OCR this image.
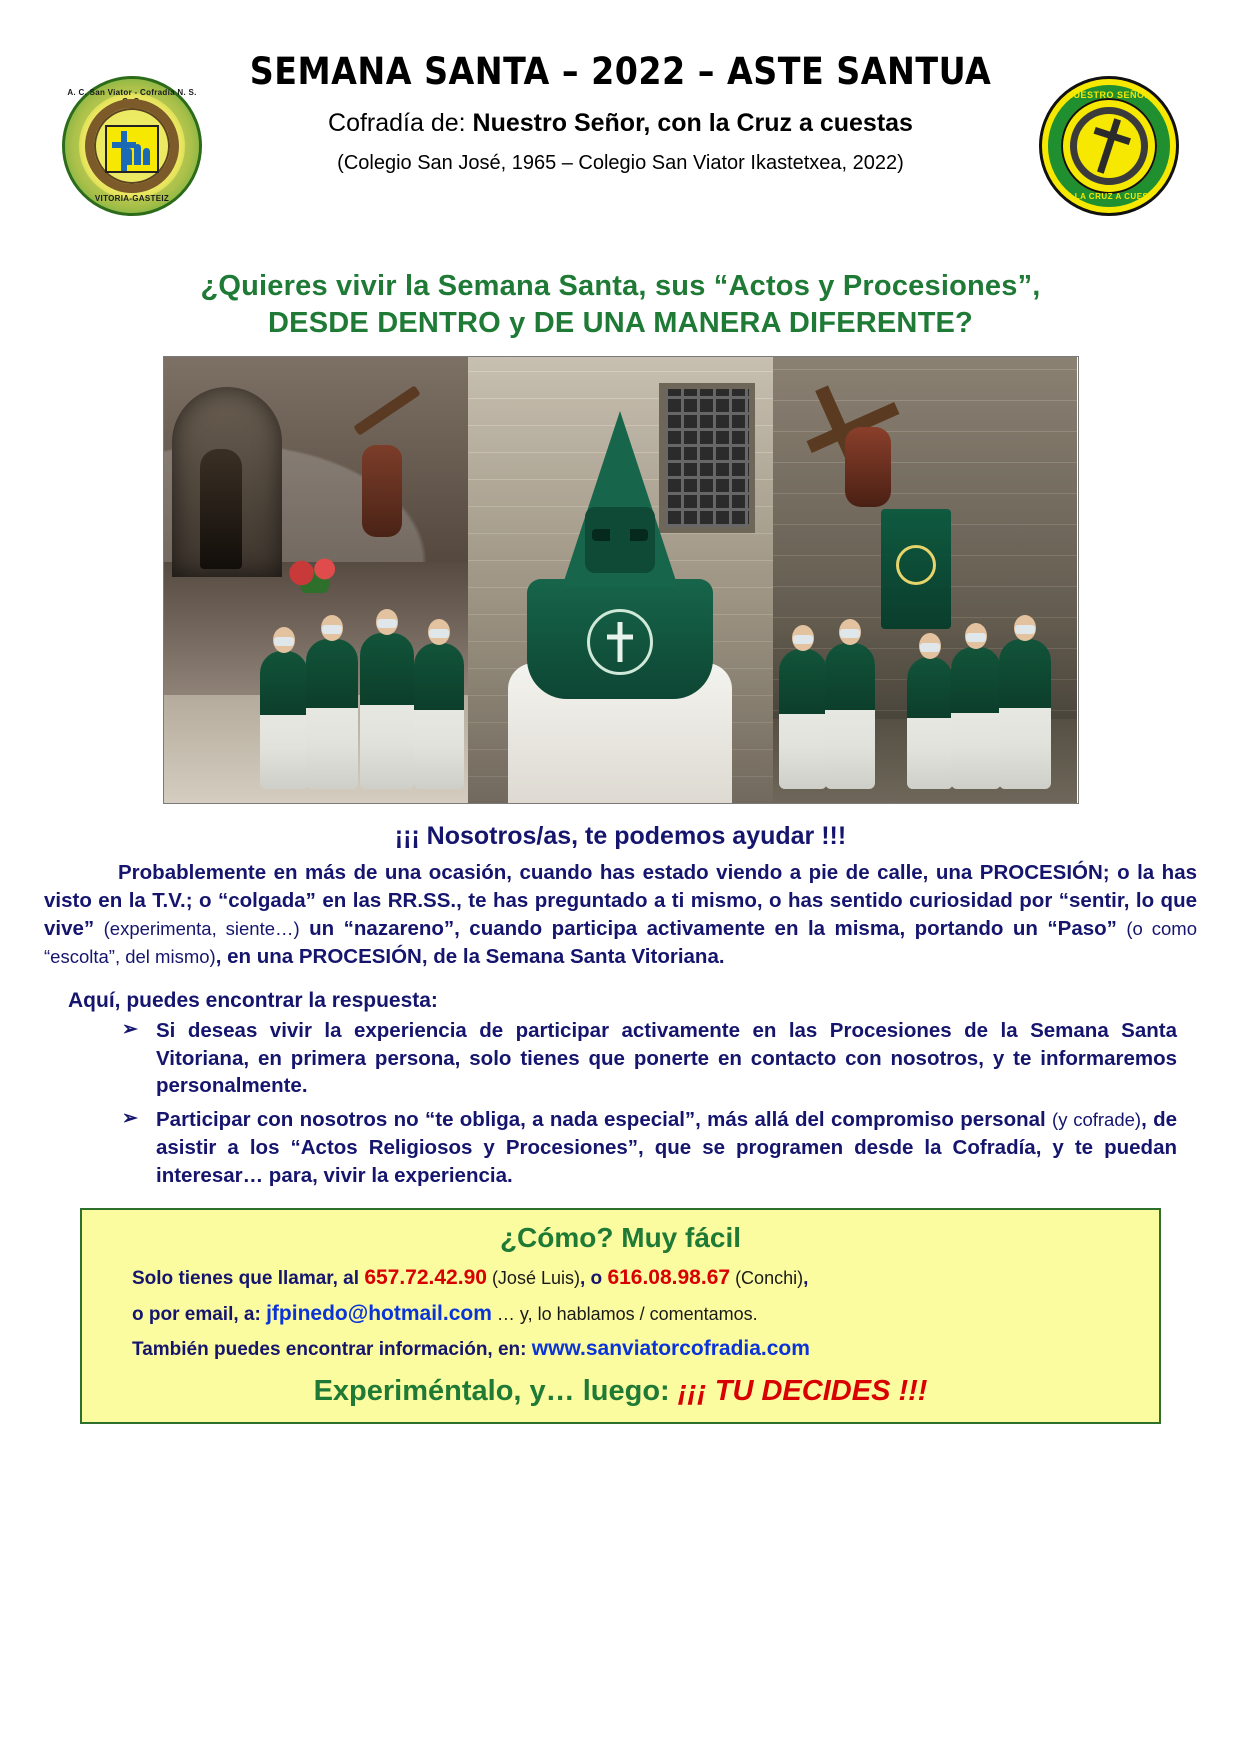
A. C. San Viator - Cofradía N. S. C. C.
VITORIA-GASTEIZ
NUESTRO SEÑOR
CON LA CRUZ A CUESTAS
SEMANA SANTA – 2022 – ASTE SANTUA
Cofradía de: Nuestro Señor, con la Cruz a cuestas
(Colegio San José, 1965 – Colegio San Viator Ikastetxea, 2022)
¿Quieres vivir la Semana Santa, sus “Actos y Procesiones”,
DESDE DENTRO y DE UNA MANERA DIFERENTE?
¡¡¡ Nosotros/as, te podemos ayudar !!!
Probablemente en más de una ocasión, cuando has estado viendo a pie de calle, una PROCESIÓN; o la has visto en la T.V.; o “colgada” en las RR.SS., te has preguntado a ti mismo, o has sentido curiosidad por “sentir, lo que vive” (experimenta, siente…) un “nazareno”, cuando participa activamente en la misma, portando un “Paso” (o como “escolta”, del mismo), en una PROCESIÓN, de la Semana Santa Vitoriana.
Aquí, puedes encontrar la respuesta:
➢ Si deseas vivir la experiencia de participar activamente en las Procesiones de la Semana Santa Vitoriana, en primera persona, solo tienes que ponerte en contacto con nosotros, y te informaremos personalmente.
➢ Participar con nosotros no “te obliga, a nada especial”, más allá del compromiso personal (y cofrade), de asistir a los “Actos Religiosos y Procesiones”, que se programen desde la Cofradía, y te puedan interesar… para, vivir la experiencia.
¿Cómo? Muy fácil
Solo tienes que llamar, al 657.72.42.90 (José Luis), o 616.08.98.67 (Conchi),
o por email, a: jfpinedo@hotmail.com … y, lo hablamos / comentamos.
También puedes encontrar información, en: www.sanviatorcofradia.com
Experiméntalo, y… luego: ¡¡¡ TU DECIDES !!!
